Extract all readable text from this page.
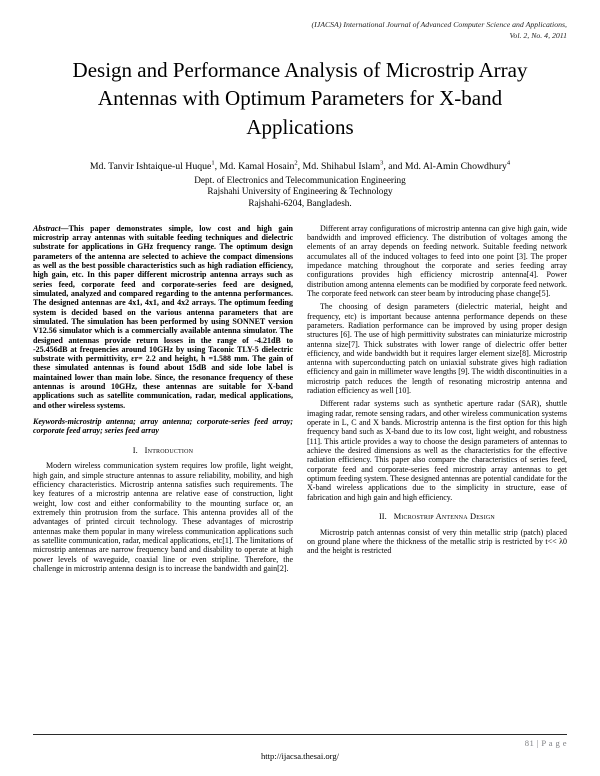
(IJACSA) International Journal of Advanced Computer Science and Applications,
Vol. 2, No. 4, 2011
Design and Performance Analysis of Microstrip Array Antennas with Optimum Parameters for X-band Applications
Md. Tanvir Ishtaique-ul Huque$^1$, Md. Kamal Hosain$^2$, Md. Shihabul Islam$^3$, and Md. Al-Amin Chowdhury$^4$
Dept. of Electronics and Telecommunication Engineering
Rajshahi University of Engineering & Technology
Rajshahi-6204, Bangladesh.

Abstract—This paper demonstrates simple, low cost and high gain microstrip array antennas with suitable feeding techniques and dielectric substrate for applications in GHz frequency range. The optimum design parameters of the antenna are selected to achieve the compact dimensions as well as the best possible characteristics such as high radiation efficiency, high gain, etc. In this paper different microstrip antenna arrays such as series feed, corporate feed and corporate-series feed are designed, simulated, analyzed and compared regarding to the antenna performances. The designed antennas are 4x1, 4x1, and 4x2 arrays. The optimum feeding system is decided based on the various antenna parameters that are simulated. The simulation has been performed by using SONNET version V12.56 simulator which is a commercially available antenna simulator. The designed antennas provide return losses in the range of -4.21dB to -25.456dB at frequencies around 10GHz by using Taconic TLY-5 dielectric substrate with permittivity, εr= 2.2 and height, h =1.588 mm. The gain of these simulated antennas is found about 15dB and side lobe label is maintained lower than main lobe. Since, the resonance frequency of these antennas is around 10GHz, these antennas are suitable for X-band applications such as satellite communication, radar, medical applications, and other wireless systems.

Keywords-microstrip antenna; array antenna; corporate-series feed array; corporate feed array; series feed array

I. Introduction

Modern wireless communication system requires low profile, light weight, high gain, and simple structure antennas to assure reliability, mobility, and high efficiency characteristics. Microstrip antenna satisfies such requirements. The key features of a microstrip antenna are relative ease of construction, light weight, low cost and either conformability to the mounting surface or, an extremely thin protrusion from the surface. This antenna provides all of the advantages of printed circuit technology. These advantages of microstrip antennas make them popular in many wireless communication applications such as satellite communication, radar, medical applications, etc[1]. The limitations of microstrip antennas are narrow frequency band and disability to operate at high power levels of waveguide, coaxial line or even stripline. Therefore, the challenge in microstrip antenna design is to increase the bandwidth and gain[2].

Different array configurations of microstrip antenna can give high gain, wide bandwidth and improved efficiency. The distribution of voltages among the elements of an array depends on feeding network. Suitable feeding network accumulates all of the induced voltages to feed into one point [3]. The proper impedance matching throughout the corporate and series feeding array configurations provides high efficiency microstrip antenna[4]. Power distribution among antenna elements can be modified by corporate feed network. The corporate feed network can steer beam by introducing phase change[5].

The choosing of design parameters (dielectric material, height and frequency, etc) is important because antenna performance depends on these parameters. Radiation performance can be improved by using proper design structures [6]. The use of high permittivity substrates can miniaturize microstrip antenna size[7]. Thick substrates with lower range of dielectric offer better efficiency, and wide bandwidth but it requires larger element size[8]. Microstrip antenna with superconducting patch on uniaxial substrate gives high radiation efficiency and gain in millimeter wave lengths [9]. The width discontinuities in a microstrip patch reduces the length of resonating microstrip antenna and radiation efficiency as well [10].

Different radar systems such as synthetic aperture radar (SAR), shuttle imaging radar, remote sensing radars, and other wireless communication systems operate in L, C and X bands. Microstrip antenna is the first option for this high frequency band such as X-band due to its low cost, light weight, and robustness [11]. This article provides a way to choose the design parameters of antennas to achieve the desired dimensions as well as the characteristics for the effective radiation efficiency. This paper also compare the characteristics of series feed, corporate feed and corporate-series feed microstrip array antennas to get optimum feeding system. These designed antennas are potential candidate for the X-band wireless applications due to the simplicity in structure, ease of fabrication and high gain and high efficiency.

II. Microstrip Antenna Design

Microstrip patch antennas consist of very thin metallic strip (patch) placed on ground plane where the thickness of the metallic strip is restricted by t<< λ0 and the height is restricted

81 | P a g e
http://ijacsa.thesai.org/
